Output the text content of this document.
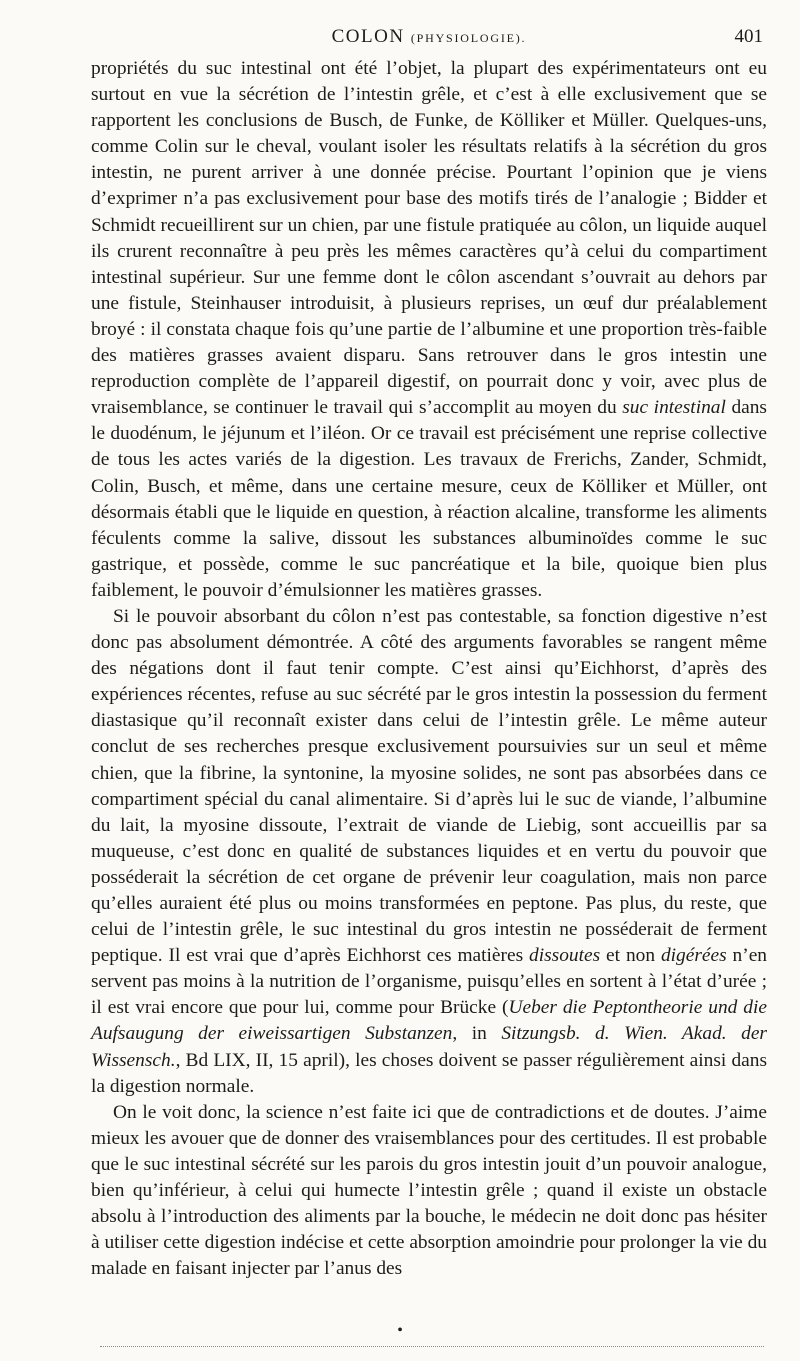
COLON (PHYSIOLOGIE).	401

propriétés du suc intestinal ont été l’objet, la plupart des expérimentateurs ont eu surtout en vue la sécrétion de l’intestin grêle, et c’est à elle exclusivement que se rapportent les conclusions de Busch, de Funke, de Kölliker et Müller. Quelques-uns, comme Colin sur le cheval, voulant isoler les résultats relatifs à la sécrétion du gros intestin, ne purent arriver à une donnée précise. Pourtant l’opinion que je viens d’exprimer n’a pas exclusivement pour base des motifs tirés de l’analogie ; Bidder et Schmidt recueillirent sur un chien, par une fistule pratiquée au côlon, un liquide auquel ils crurent reconnaître à peu près les mêmes caractères qu’à celui du compartiment intestinal supérieur. Sur une femme dont le côlon ascendant s’ouvrait au dehors par une fistule, Steinhauser introduisit, à plusieurs reprises, un œuf dur préalablement broyé : il constata chaque fois qu’une partie de l’albumine et une proportion très-faible des matières grasses avaient disparu. Sans retrouver dans le gros intestin une reproduction complète de l’appareil digestif, on pourrait donc y voir, avec plus de vraisemblance, se continuer le travail qui s’accomplit au moyen du suc intestinal dans le duodénum, le jéjunum et l’iléon. Or ce travail est précisément une reprise collective de tous les actes variés de la digestion. Les travaux de Frerichs, Zander, Schmidt, Colin, Busch, et même, dans une certaine mesure, ceux de Kölliker et Müller, ont désormais établi que le liquide en question, à réaction alcaline, transforme les aliments féculents comme la salive, dissout les substances albuminoïdes comme le suc gastrique, et possède, comme le suc pancréatique et la bile, quoique bien plus faiblement, le pouvoir d’émulsionner les matières grasses.

Si le pouvoir absorbant du côlon n’est pas contestable, sa fonction digestive n’est donc pas absolument démontrée. A côté des arguments favorables se rangent même des négations dont il faut tenir compte. C’est ainsi qu’Eichhorst, d’après des expériences récentes, refuse au suc sécrété par le gros intestin la possession du ferment diastasique qu’il reconnaît exister dans celui de l’intestin grêle. Le même auteur conclut de ses recherches presque exclusivement poursuivies sur un seul et même chien, que la fibrine, la syntonine, la myosine solides, ne sont pas absorbées dans ce compartiment spécial du canal alimentaire. Si d’après lui le suc de viande, l’albumine du lait, la myosine dissoute, l’extrait de viande de Liebig, sont accueillis par sa muqueuse, c’est donc en qualité de substances liquides et en vertu du pouvoir que posséderait la sécrétion de cet organe de prévenir leur coagulation, mais non parce qu’elles auraient été plus ou moins transformées en peptone. Pas plus, du reste, que celui de l’intestin grêle, le suc intestinal du gros intestin ne posséderait de ferment peptique. Il est vrai que d’après Eichhorst ces matières dissoutes et non digérées n’en servent pas moins à la nutrition de l’organisme, puisqu’elles en sortent à l’état d’urée ; il est vrai encore que pour lui, comme pour Brücke (Ueber die Peptontheorie und die Aufsaugung der eiweissartigen Substanzen, in Sitzungsb. d. Wien. Akad. der Wissensch., Bd LIX, II, 15 april), les choses doivent se passer régulièrement ainsi dans la digestion normale.

On le voit donc, la science n’est faite ici que de contradictions et de doutes. J’aime mieux les avouer que de donner des vraisemblances pour des certitudes. Il est probable que le suc intestinal sécrété sur les parois du gros intestin jouit d’un pouvoir analogue, bien qu’inférieur, à celui qui humecte l’intestin grêle ; quand il existe un obstacle absolu à l’introduction des aliments par la bouche, le médecin ne doit donc pas hésiter à utiliser cette digestion indécise et cette absorption amoindrie pour prolonger la vie du malade en faisant injecter par l’anus des

•
